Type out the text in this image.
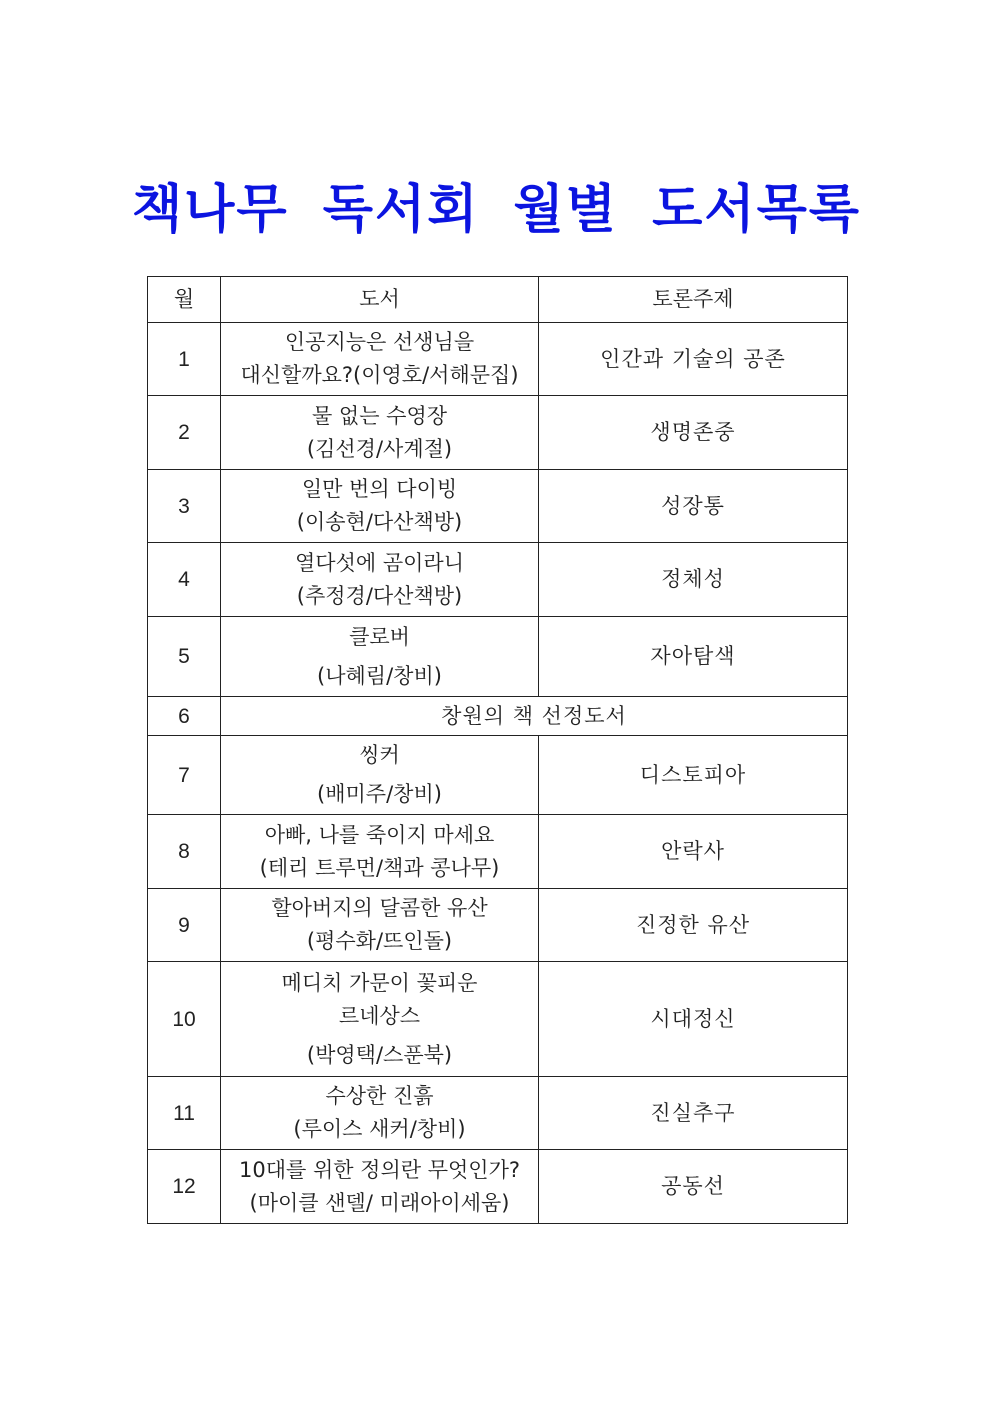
책나무 독서회 월별 도서목록
월	도서	토론주제
1	인공지능은 선생님을
대신할까요?(이영호/서해문집)	인간과 기술의 공존
2	물 없는 수영장
(김선경/사계절)	생명존중
3	일만 번의 다이빙
(이송현/다산책방)	성장통
4	열다섯에 곰이라니
(추정경/다산책방)	정체성
5	클로버
(나혜림/창비)	자아탐색
6	창원의 책 선정도서	
7	씽커
(배미주/창비)	디스토피아
8	아빠, 나를 죽이지 마세요
(테리 트루먼/책과 콩나무)	안락사
9	할아버지의 달콤한 유산
(평수화/뜨인돌)	진정한 유산
10	메디치 가문이 꽃피운
르네상스
(박영택/스푼북)	시대정신
11	수상한 진흙
(루이스 새커/창비)	진실추구
12	10대를 위한 정의란 무엇인가?
(마이클 샌델/ 미래아이세움)	공동선
